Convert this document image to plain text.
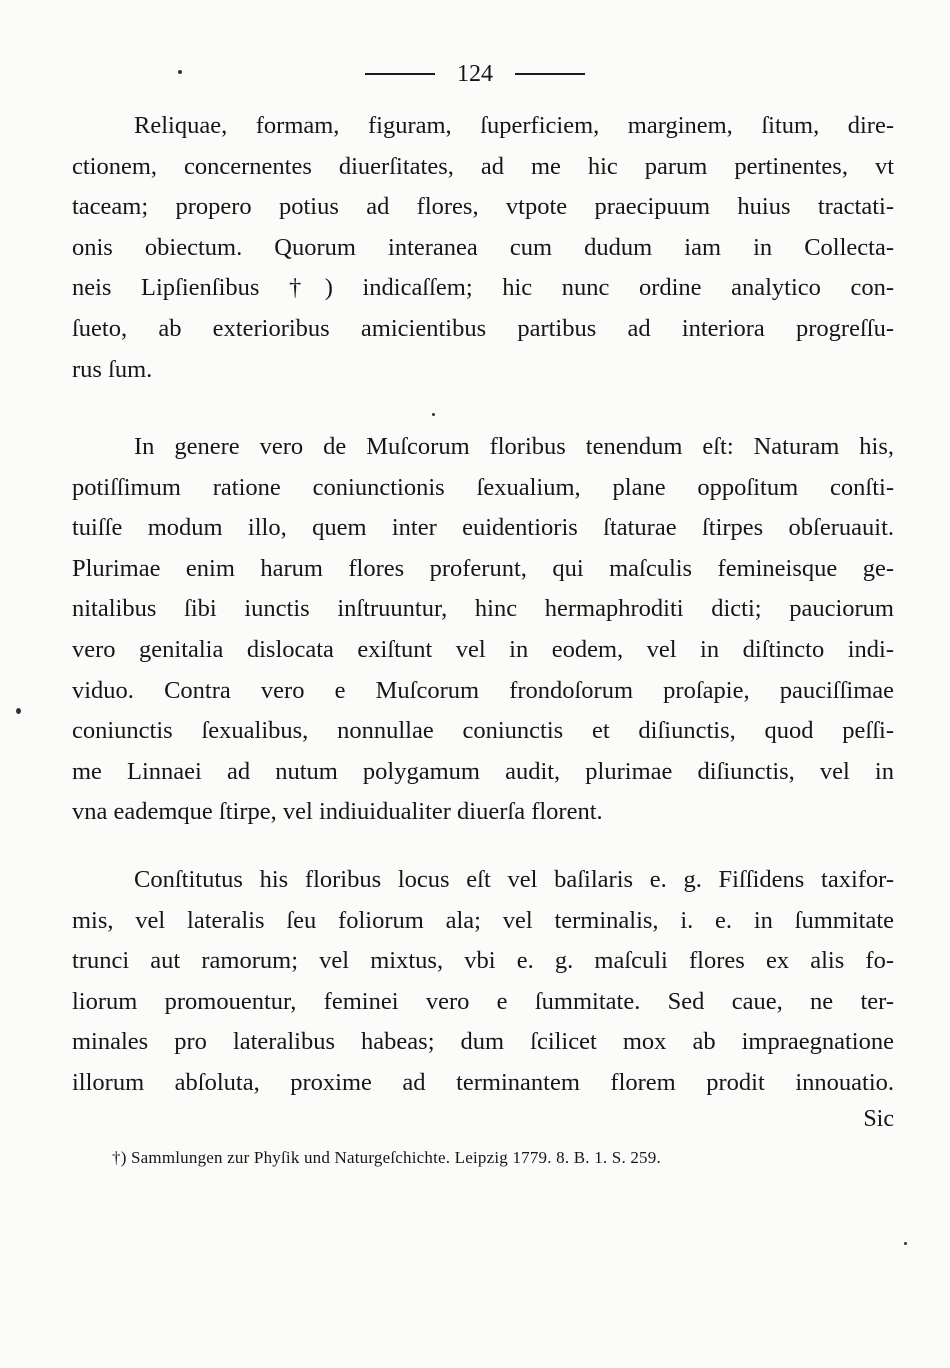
124
Reliquae, formam, figuram, ſuperficiem, marginem, ſitum, dire-
ctionem, concernentes diuerſitates, ad me hic parum pertinentes, vt
taceam; propero potius ad flores, vtpote praecipuum huius tractati-
onis obiectum. Quorum interanea cum dudum iam in Collecta-
neis Lipſienſibus †) indicaſſem; hic nunc ordine analytico con-
ſueto, ab exterioribus amicientibus partibus ad interiora progreſſu-
rus ſum.
In genere vero de Muſcorum floribus tenendum eſt: Naturam his,
potiſſimum ratione coniunctionis ſexualium, plane oppoſitum conſti-
tuiſſe modum illo, quem inter euidentioris ſtaturae ſtirpes obſeruauit.
Plurimae enim harum flores proferunt, qui maſculis femineisque ge-
nitalibus ſibi iunctis inſtruuntur, hinc hermaphroditi dicti; pauciorum
vero genitalia dislocata exiſtunt vel in eodem, vel in diſtincto indi-
viduo. Contra vero e Muſcorum frondoſorum proſapie, pauciſſimae
coniunctis ſexualibus, nonnullae coniunctis et diſiunctis, quod peſſi-
me Linnaei ad nutum polygamum audit, plurimae diſiunctis, vel in
vna eademque ſtirpe, vel indiuidualiter diuerſa florent.
Conſtitutus his floribus locus eſt vel baſilaris e. g. Fiſſidens taxifor-
mis, vel lateralis ſeu foliorum ala; vel terminalis, i. e. in ſummitate
trunci aut ramorum; vel mixtus, vbi e. g. maſculi flores ex alis fo-
liorum promouentur, feminei vero e ſummitate. Sed caue, ne ter-
minales pro lateralibus habeas; dum ſcilicet mox ab impraegnatione
illorum abſoluta, proxime ad terminantem florem prodit innouatio.
Sic
†) Sammlungen zur Phyſik und Naturgeſchichte. Leipzig 1779. 8. B. 1. S. 259.
